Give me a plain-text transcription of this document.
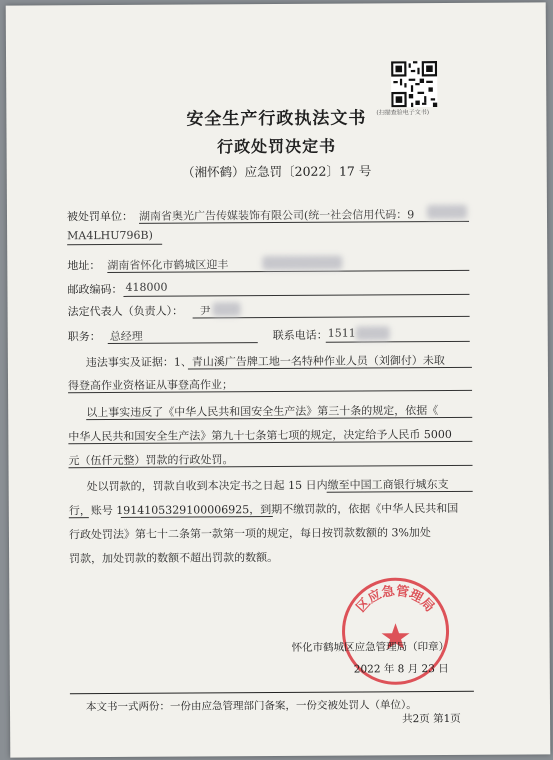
(扫描查验电子文书)
安全生产行政执法文书
行政处罚决定书
（湘怀鹤）应急罚〔2022〕17 号
被处罚单位： 湖南省奥光广告传媒装饰有限公司(统一社会信用代码：9
MA4LHU796B)
地址： 湖南省怀化市鹤城区迎丰
邮政编码： 418000
法定代表人（负责人）： 尹
职务： 总经理	联系电话： 1511
违法事实及证据：1、青山溪广告牌工地一名特种作业人员（刘御付）未取
得登高作业资格证从事登高作业；
以上事实违反了《中华人民共和国安全生产法》第三十条的规定，依据《
中华人民共和国安全生产法》第九十七条第七项的规定，决定给予人民币 5000
元（伍仟元整）罚款的行政处罚。
处以罚款的，罚款自收到本决定书之日起 15 日内缴至中国工商银行城东支
行，账号 1914105329100006925，到期不缴罚款的，依据《中华人民共和国
行政处罚法》第七十二条第一款第一项的规定，每日按罚款数额的 3%加处
罚款，加处罚款的数额不超出罚款的数额。
区应急管理局
怀化市鹤城区应急管理局（印章）
2022 年 8 月 23 日
本文书一式两份：一份由应急管理部门备案，一份交被处罚人（单位）。
共2页 第1页
